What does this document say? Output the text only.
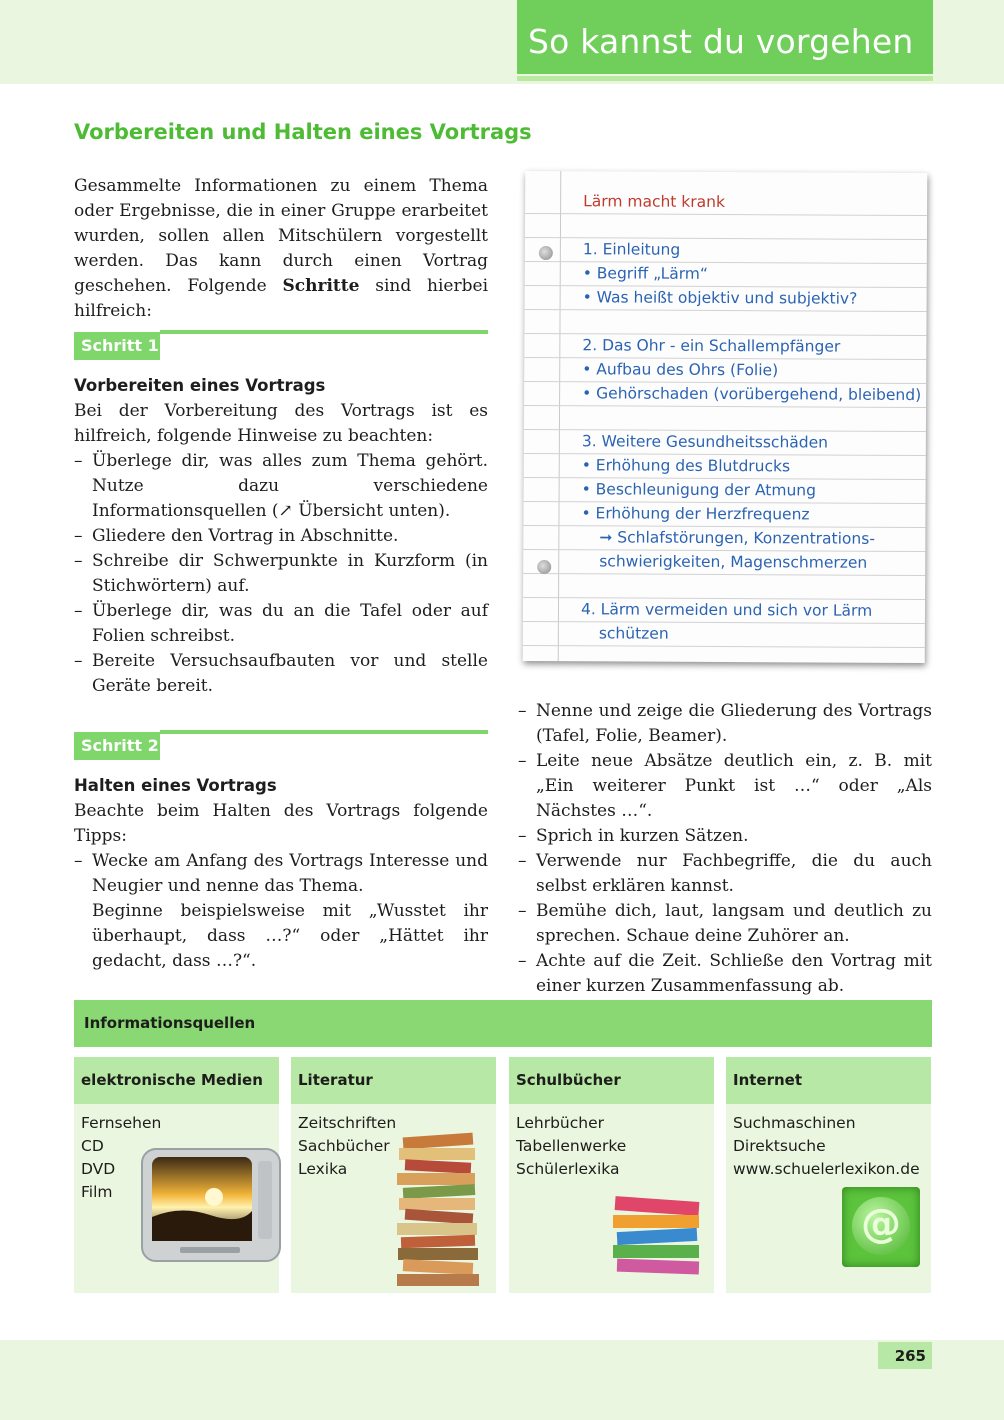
So kannst du vorgehen
Vorbereiten und Halten eines Vortrags
Gesammelte Informationen zu einem Thema oder Ergebnisse, die in einer Gruppe erarbeitet wurden, sollen allen Mitschülern vorgestellt werden. Das kann durch einen Vortrag geschehen. Folgende Schritte sind hierbei hilfreich:
Schritt 1
Vorbereiten eines Vortrags

Bei der Vorbereitung des Vortrags ist es hilfreich, folgende Hinweise zu beachten:

– Überlege dir, was alles zum Thema gehört. Nutze dazu verschiedene Informationsquellen (↗ Übersicht unten).
– Gliedere den Vortrag in Abschnitte.
– Schreibe dir Schwerpunkte in Kurzform (in Stichwörtern) auf.
– Überlege dir, was du an die Tafel oder auf Folien schreibst.
– Bereite Versuchsaufbauten vor und stelle Geräte bereit.
Schritt 2
Halten eines Vortrags

Beachte beim Halten des Vortrags folgende Tipps:

– Wecke am Anfang des Vortrags Interesse und Neugier und nenne das Thema.
Beginne beispielsweise mit „Wusstet ihr überhaupt, dass …?“ oder „Hättet ihr gedacht, dass …?“.
– Nenne und zeige die Gliederung des Vortrags (Tafel, Folie, Beamer).
– Leite neue Absätze deutlich ein, z. B. mit „Ein weiterer Punkt ist …“ oder „Als Nächstes …“.
– Sprich in kurzen Sätzen.
– Verwende nur Fachbegriffe, die du auch selbst erklären kannst.
– Bemühe dich, laut, langsam und deutlich zu sprechen. Schaue deine Zuhörer an.
– Achte auf die Zeit. Schließe den Vortrag mit einer kurzen Zusammenfassung ab.
Lärm macht krank
1. Einleitung
• Begriff „Lärm“
• Was heißt objektiv und subjektiv?
2. Das Ohr - ein Schallempfänger
• Aufbau des Ohrs (Folie)
• Gehörschaden (vorübergehend, bleibend)
3. Weitere Gesundheitsschäden
• Erhöhung des Blutdrucks
• Beschleunigung der Atmung
• Erhöhung der Herzfrequenz
➞ Schlafstörungen, Konzentrations-
schwierigkeiten, Magenschmerzen
4. Lärm vermeiden und sich vor Lärm
schützen
Informationsquellen
elektronische Medien
Fernsehen
CD
DVD
Film
Literatur
Zeitschriften
Sachbücher
Lexika
Schulbücher
Lehrbücher
Tabellenwerke
Schülerlexika
Internet
Suchmaschinen
Direktsuche
www.schuelerlexikon.de
@
265
